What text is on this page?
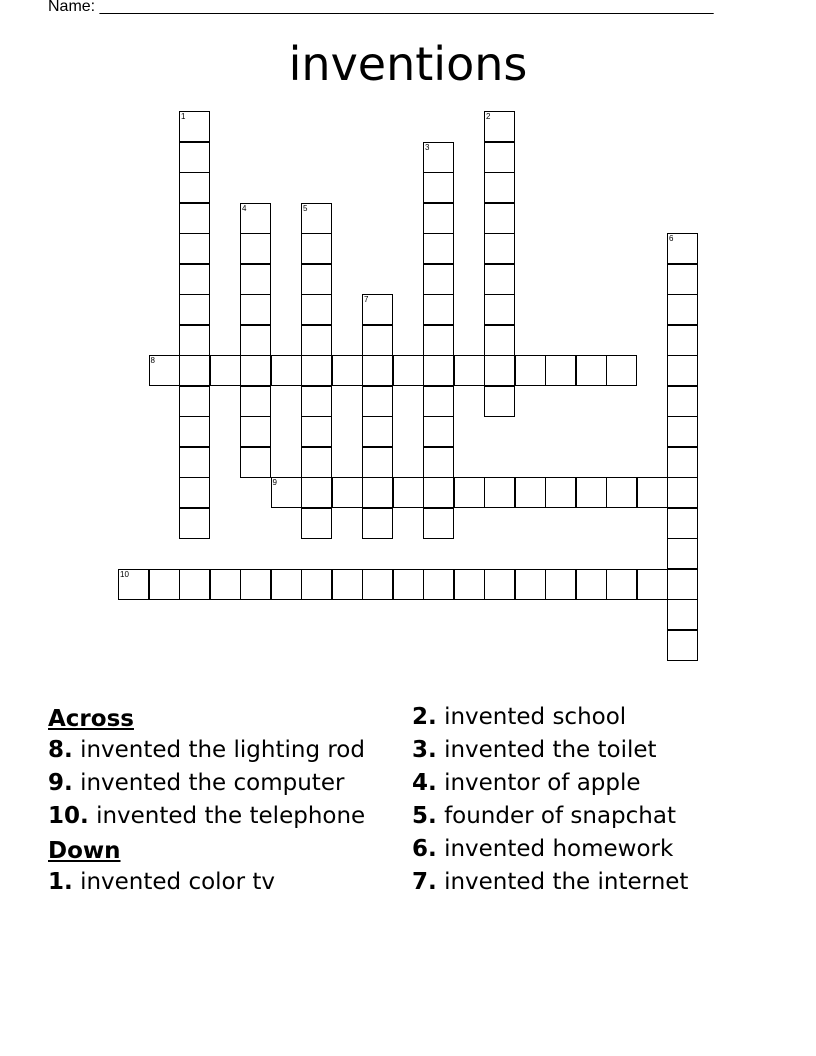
Name: _____________________________________________________________________
inventions
1	2
3
4	5
6
7
8
9
10
Across
8. invented the lighting rod
9. invented the computer
10. invented the telephone
Down
1. invented color tv
2. invented school
3. invented the toilet
4. inventor of apple
5. founder of snapchat
6. invented homework
7. invented the internet
